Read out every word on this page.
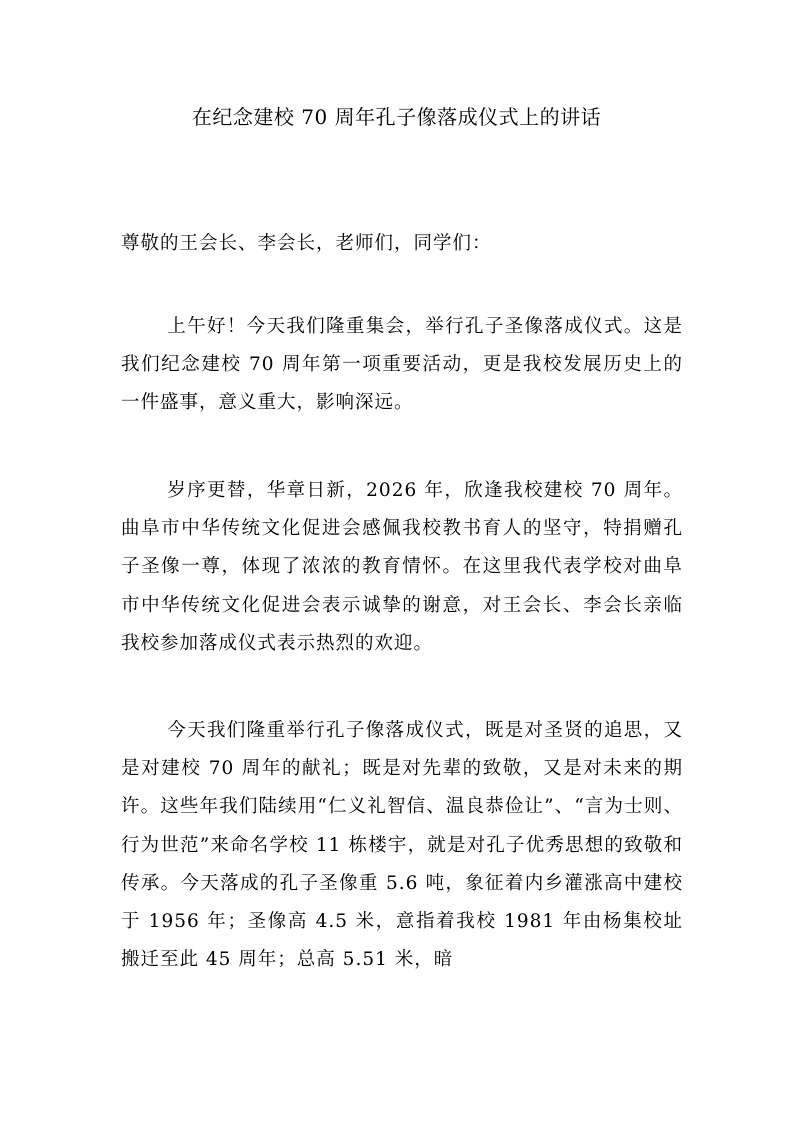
在纪念建校 70 周年孔子像落成仪式上的讲话

尊敬的王会长、李会长，老师们，同学们：

上午好！今天我们隆重集会，举行孔子圣像落成仪式。这是我们纪念建校 70 周年第一项重要活动，更是我校发展历史上的一件盛事，意义重大，影响深远。

岁序更替，华章日新，2026 年，欣逢我校建校 70 周年。曲阜市中华传统文化促进会感佩我校教书育人的坚守，特捐赠孔子圣像一尊，体现了浓浓的教育情怀。在这里我代表学校对曲阜市中华传统文化促进会表示诚挚的谢意，对王会长、李会长亲临我校参加落成仪式表示热烈的欢迎。

今天我们隆重举行孔子像落成仪式，既是对圣贤的追思，又是对建校 70 周年的献礼；既是对先辈的致敬，又是对未来的期许。这些年我们陆续用“仁义礼智信、温良恭俭让”、“言为士则、行为世范”来命名学校 11 栋楼宇，就是对孔子优秀思想的致敬和传承。今天落成的孔子圣像重 5.6 吨，象征着内乡灌涨高中建校于 1956 年；圣像高 4.5 米，意指着我校 1981 年由杨集校址搬迁至此 45 周年；总高 5.51 米，暗
